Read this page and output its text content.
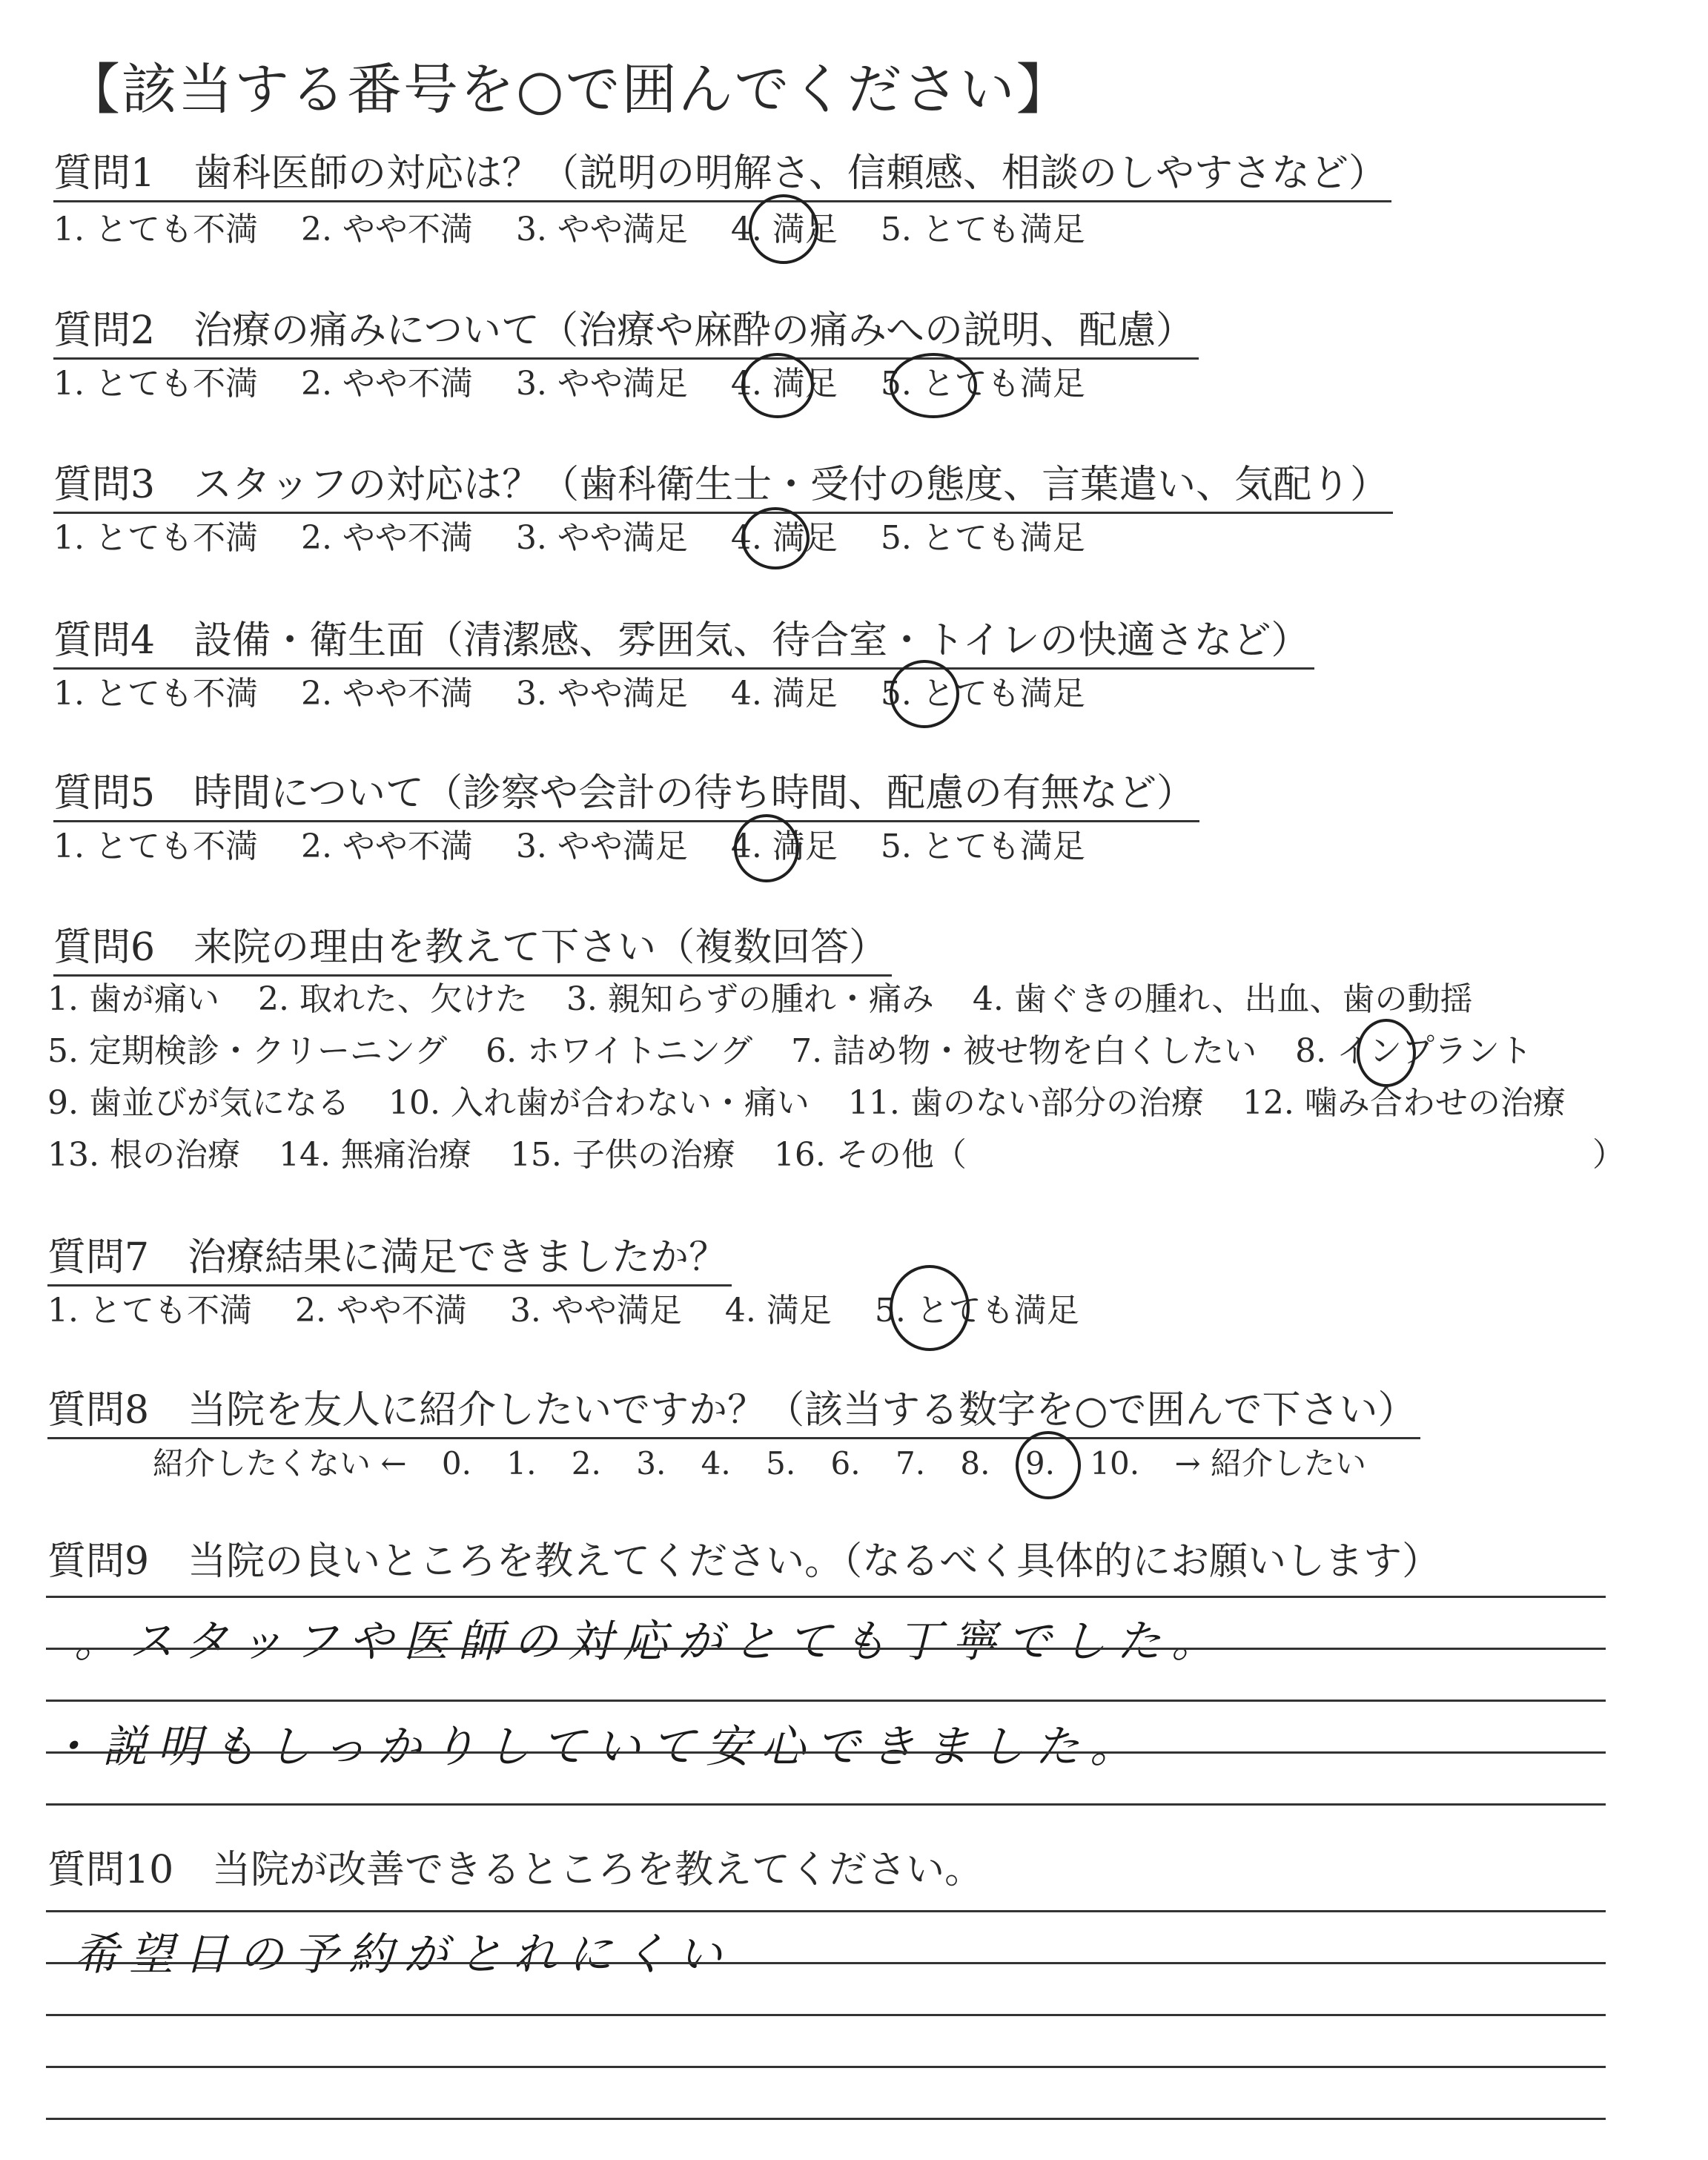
【該当する番号を○で囲んでください】
質問1　歯科医師の対応は？（説明の明解さ、信頼感、相談のしやすさなど）
1. とても不満 2. やや不満 3. やや満足 4. 満足 5. とても満足
質問2　治療の痛みについて（治療や麻酔の痛みへの説明、配慮）
1. とても不満 2. やや不満 3. やや満足 4. 満足 5. とても満足
質問3　スタッフの対応は？（歯科衛生士・受付の態度、言葉遣い、気配り）
1. とても不満 2. やや不満 3. やや満足 4. 満足 5. とても満足
質問4　設備・衛生面（清潔感、雰囲気、待合室・トイレの快適さなど）
1. とても不満 2. やや不満 3. やや満足 4. 満足 5. とても満足
質問5　時間について（診察や会計の待ち時間、配慮の有無など）
1. とても不満 2. やや不満 3. やや満足 4. 満足 5. とても満足
質問6　来院の理由を教えて下さい（複数回答）
1. 歯が痛い 2. 取れた、欠けた 3. 親知らずの腫れ・痛み 4. 歯ぐきの腫れ、出血、歯の動揺
5. 定期検診・クリーニング 6. ホワイトニング 7. 詰め物・被せ物を白くしたい 8. インプラント
9. 歯並びが気になる 10. 入れ歯が合わない・痛い 11. 歯のない部分の治療 12. 噛み合わせの治療
13. 根の治療 14. 無痛治療 15. 子供の治療 16. その他（	）
質問7　治療結果に満足できましたか？
1. とても不満 2. やや不満 3. やや満足 4. 満足 5. とても満足
質問8　当院を友人に紹介したいですか？（該当する数字を○で囲んで下さい）
紹介したくない ← 0. 1. 2. 3. 4. 5. 6. 7. 8. 9. 10. → 紹介したい
質問9　当院の良いところを教えてください。（なるべく具体的にお願いします）
。スタッフや医師の対応がとても丁寧でした。
・説明もしっかりしていて安心できました。
質問10　当院が改善できるところを教えてください。
希望日の予約がとれにくい
